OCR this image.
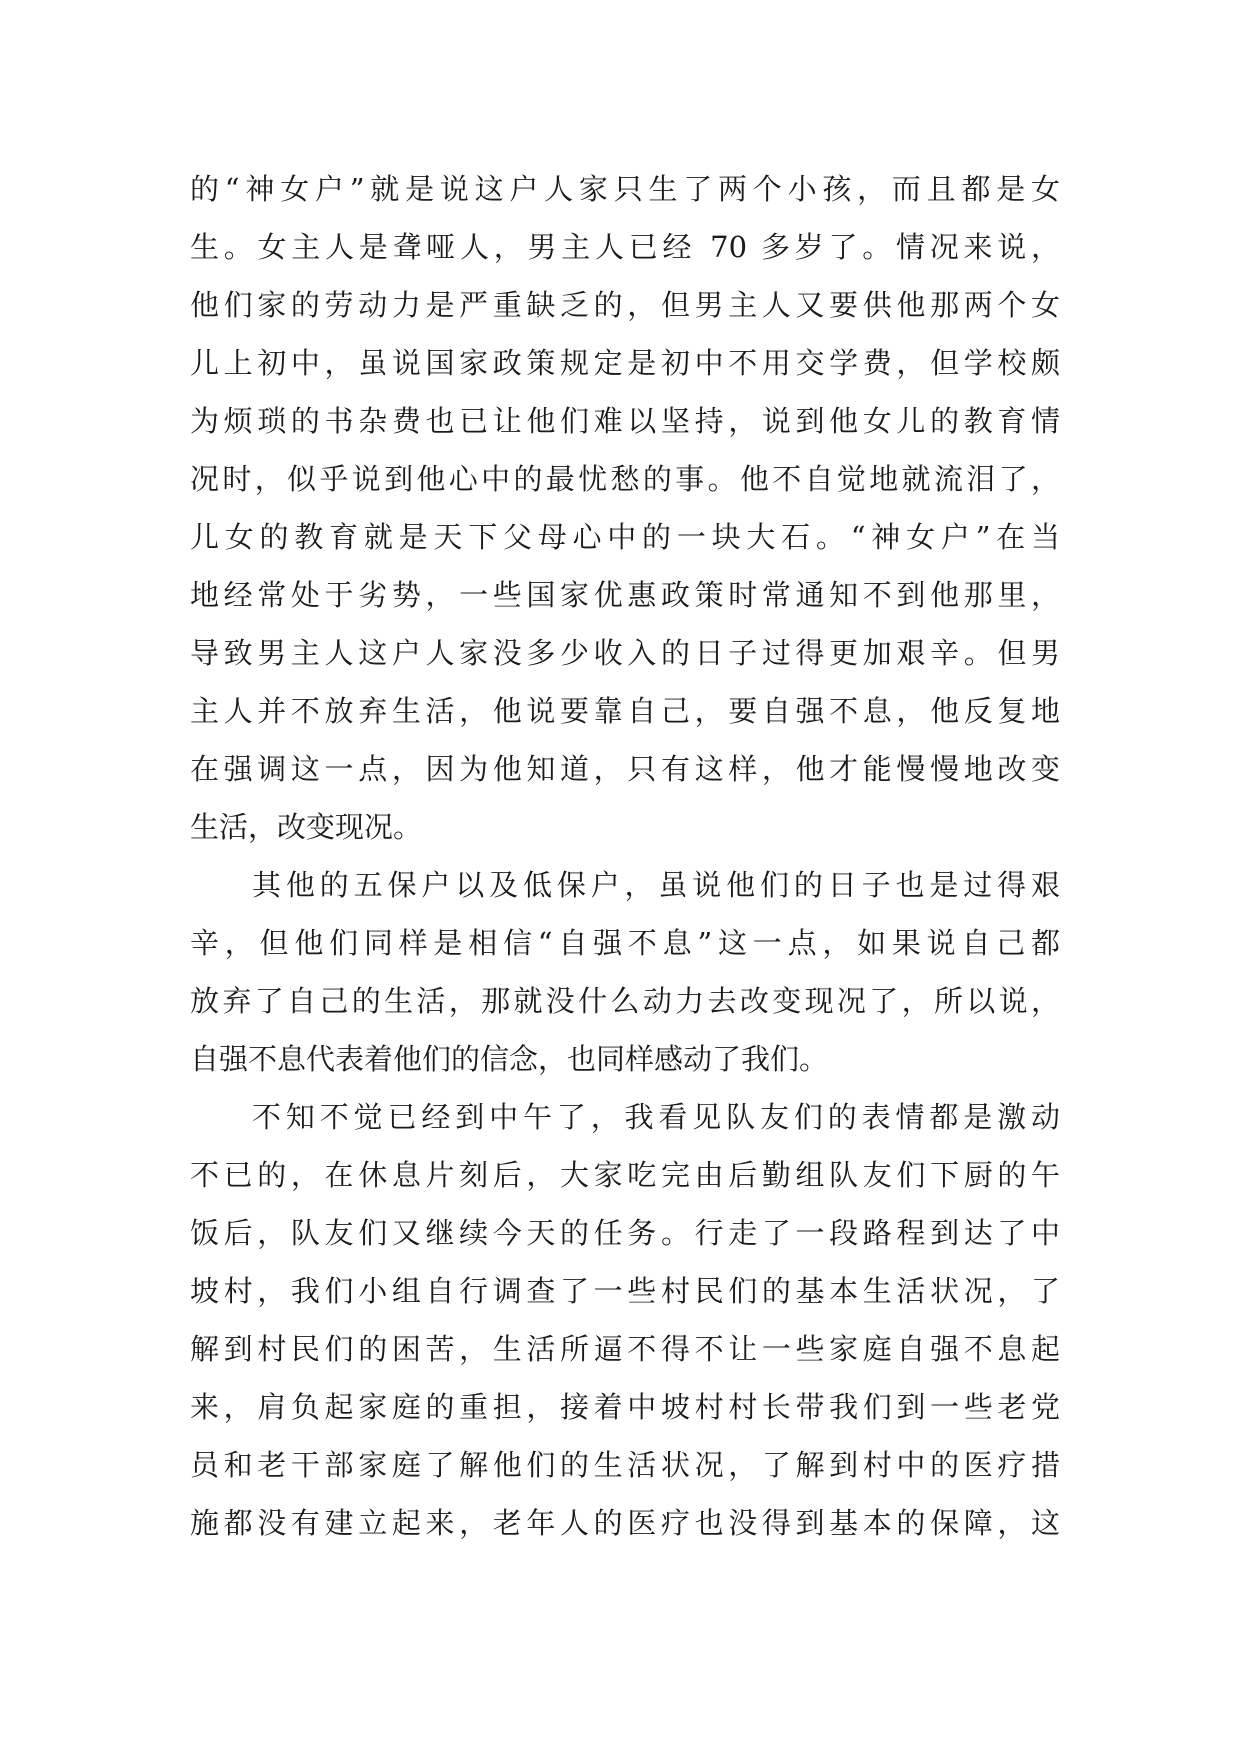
的“神女户”就是说这户人家只生了两个小孩，而且都是女
生。女主人是聋哑人，男主人已经 70 多岁了。情况来说，
他们家的劳动力是严重缺乏的，但男主人又要供他那两个女
儿上初中，虽说国家政策规定是初中不用交学费，但学校颇
为烦琐的书杂费也已让他们难以坚持，说到他女儿的教育情
况时，似乎说到他心中的最忧愁的事。他不自觉地就流泪了，
儿女的教育就是天下父母心中的一块大石。“神女户”在当
地经常处于劣势，一些国家优惠政策时常通知不到他那里，
导致男主人这户人家没多少收入的日子过得更加艰辛。但男
主人并不放弃生活，他说要靠自己，要自强不息，他反复地
在强调这一点，因为他知道，只有这样，他才能慢慢地改变
生活，改变现况。
其他的五保户以及低保户，虽说他们的日子也是过得艰
辛，但他们同样是相信“自强不息”这一点，如果说自己都
放弃了自己的生活，那就没什么动力去改变现况了，所以说，
自强不息代表着他们的信念，也同样感动了我们。
不知不觉已经到中午了，我看见队友们的表情都是激动
不已的，在休息片刻后，大家吃完由后勤组队友们下厨的午
饭后，队友们又继续今天的任务。行走了一段路程到达了中
坡村，我们小组自行调查了一些村民们的基本生活状况，了
解到村民们的困苦，生活所逼不得不让一些家庭自强不息起
来，肩负起家庭的重担，接着中坡村村长带我们到一些老党
员和老干部家庭了解他们的生活状况，了解到村中的医疗措
施都没有建立起来，老年人的医疗也没得到基本的保障，这
